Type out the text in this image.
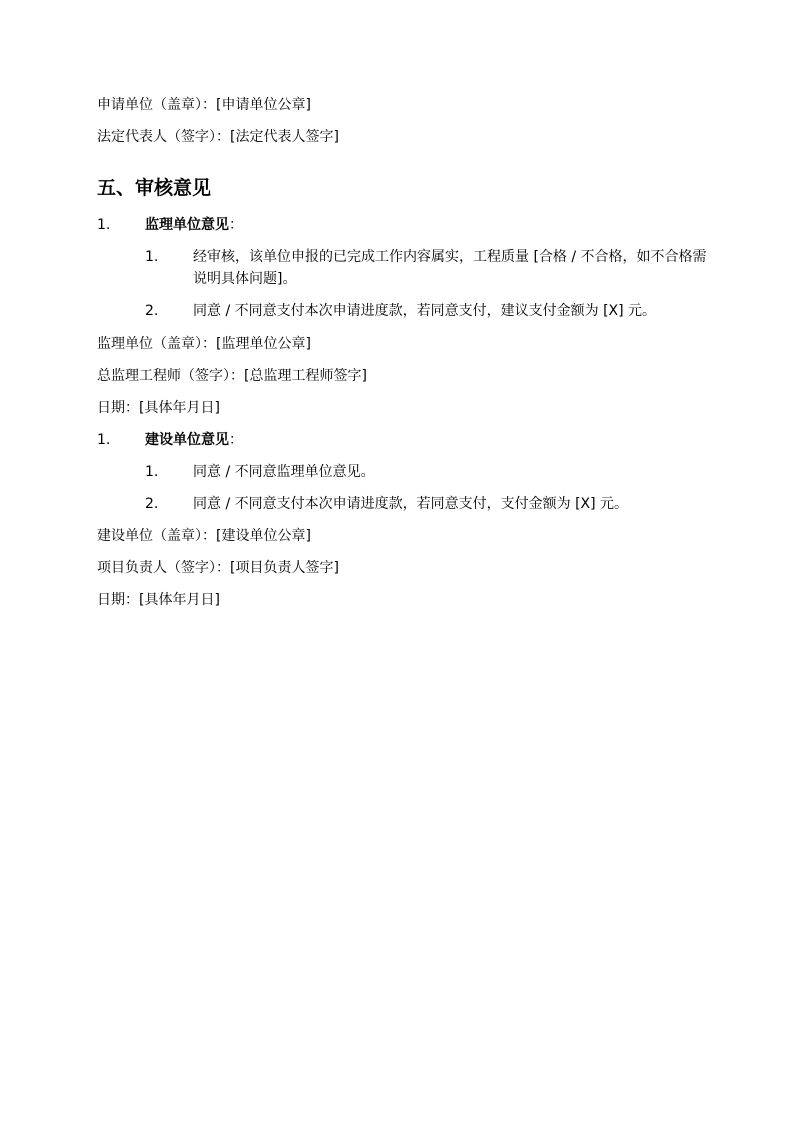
申请单位（盖章）：[申请单位公章]
法定代表人（签字）：[法定代表人签字]
五、审核意见
1. 监理单位意见：
1. 经审核，该单位申报的已完成工作内容属实，工程质量 [合格 / 不合格，如不合格需说明具体问题]。
2. 同意 / 不同意支付本次申请进度款，若同意支付，建议支付金额为 [X] 元。
监理单位（盖章）：[监理单位公章]
总监理工程师（签字）：[总监理工程师签字]
日期：[具体年月日]
1. 建设单位意见：
1. 同意 / 不同意监理单位意见。
2. 同意 / 不同意支付本次申请进度款，若同意支付，支付金额为 [X] 元。
建设单位（盖章）：[建设单位公章]
项目负责人（签字）：[项目负责人签字]
日期：[具体年月日]
